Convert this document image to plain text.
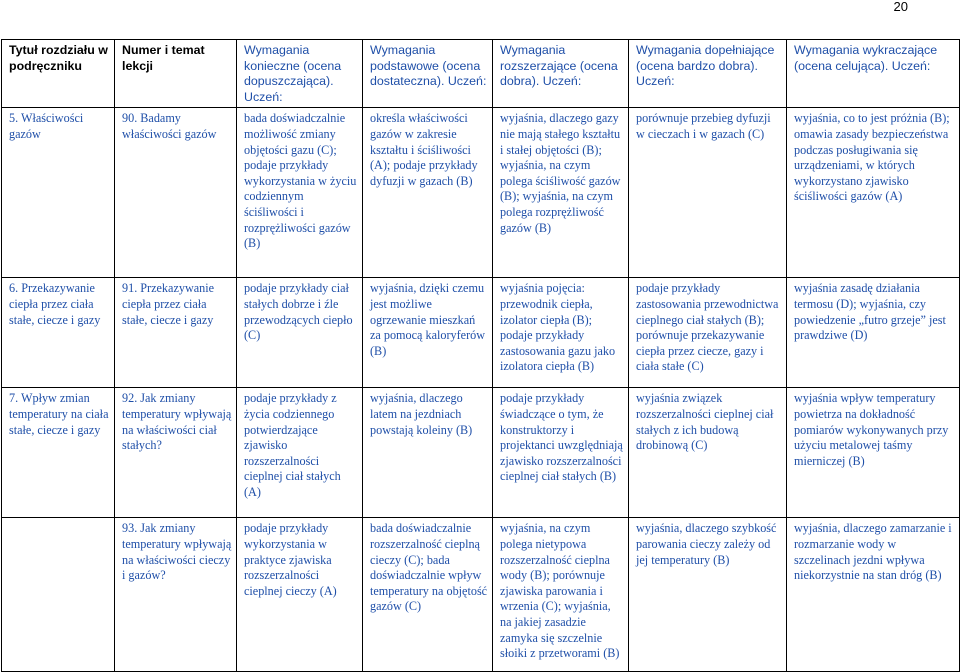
20
Tytuł rozdziału w podręczniku	Numer i temat lekcji	Wymagania konieczne (ocena dopuszczająca). Uczeń:	Wymagania podstawowe (ocena dostateczna). Uczeń:	Wymagania rozszerzające (ocena dobra). Uczeń:	Wymagania dopełniające (ocena bardzo dobra). Uczeń:	Wymagania wykraczające (ocena celująca). Uczeń:
5. Właściwości gazów	90. Badamy właściwości gazów	bada doświadczalnie możliwość zmiany objętości gazu (C); podaje przykłady wykorzystania w życiu codziennym ściśliwości i rozprężliwości gazów (B)	określa właściwości gazów w zakresie kształtu i ściśliwości (A); podaje przykłady dyfuzji w gazach (B)	wyjaśnia, dlaczego gazy nie mają stałego kształtu i stałej objętości (B); wyjaśnia, na czym polega ściśliwość gazów (B); wyjaśnia, na czym polega rozprężliwość gazów (B)	porównuje przebieg dyfuzji w cieczach i w gazach (C)	wyjaśnia, co to jest próżnia (B); omawia zasady bezpieczeństwa podczas posługiwania się urządzeniami, w których wykorzystano zjawisko ściśliwości gazów (A)
6. Przekazywanie ciepła przez ciała stałe, ciecze i gazy	91. Przekazywanie ciepła przez ciała stałe, ciecze i gazy	podaje przykłady ciał stałych dobrze i źle przewodzących ciepło (C)	wyjaśnia, dzięki czemu jest możliwe ogrzewanie mieszkań za pomocą kaloryferów (B)	wyjaśnia pojęcia: przewodnik ciepła, izolator ciepła (B); podaje przykłady zastosowania gazu jako izolatora ciepła (B)	podaje przykłady zastosowania przewodnictwa cieplnego ciał stałych (B); porównuje przekazywanie ciepła przez ciecze, gazy i ciała stałe (C)	wyjaśnia zasadę działania termosu (D); wyjaśnia, czy powiedzenie „futro grzeje” jest prawdziwe (D)
7. Wpływ zmian temperatury na ciała stałe, ciecze i gazy	92. Jak zmiany temperatury wpływają na właściwości ciał stałych?	podaje przykłady z życia codziennego potwierdzające zjawisko rozszerzalności cieplnej ciał stałych (A)	wyjaśnia, dlaczego latem na jezdniach powstają koleiny (B)	podaje przykłady świadczące o tym, że konstruktorzy i projektanci uwzględniają zjawisko rozszerzalności cieplnej ciał stałych (B)	wyjaśnia związek rozszerzalności cieplnej ciał stałych z ich budową drobinową (C)	wyjaśnia wpływ temperatury powietrza na dokładność pomiarów wykonywanych przy użyciu metalowej taśmy mierniczej (B)
	93. Jak zmiany temperatury wpływają na właściwości cieczy i gazów?	podaje przykłady wykorzystania w praktyce zjawiska rozszerzalności cieplnej cieczy (A)	bada doświadczalnie rozszerzalność cieplną cieczy (C); bada doświadczalnie wpływ temperatury na objętość gazów (C)	wyjaśnia, na czym polega nietypowa rozszerzalność cieplna wody (B); porównuje zjawiska parowania i wrzenia (C); wyjaśnia, na jakiej zasadzie zamyka się szczelnie słoiki z przetworami (B)	wyjaśnia, dlaczego szybkość parowania cieczy zależy od jej temperatury (B)	wyjaśnia, dlaczego zamarzanie i rozmarzanie wody w szczelinach jezdni wpływa niekorzystnie na stan dróg (B)
